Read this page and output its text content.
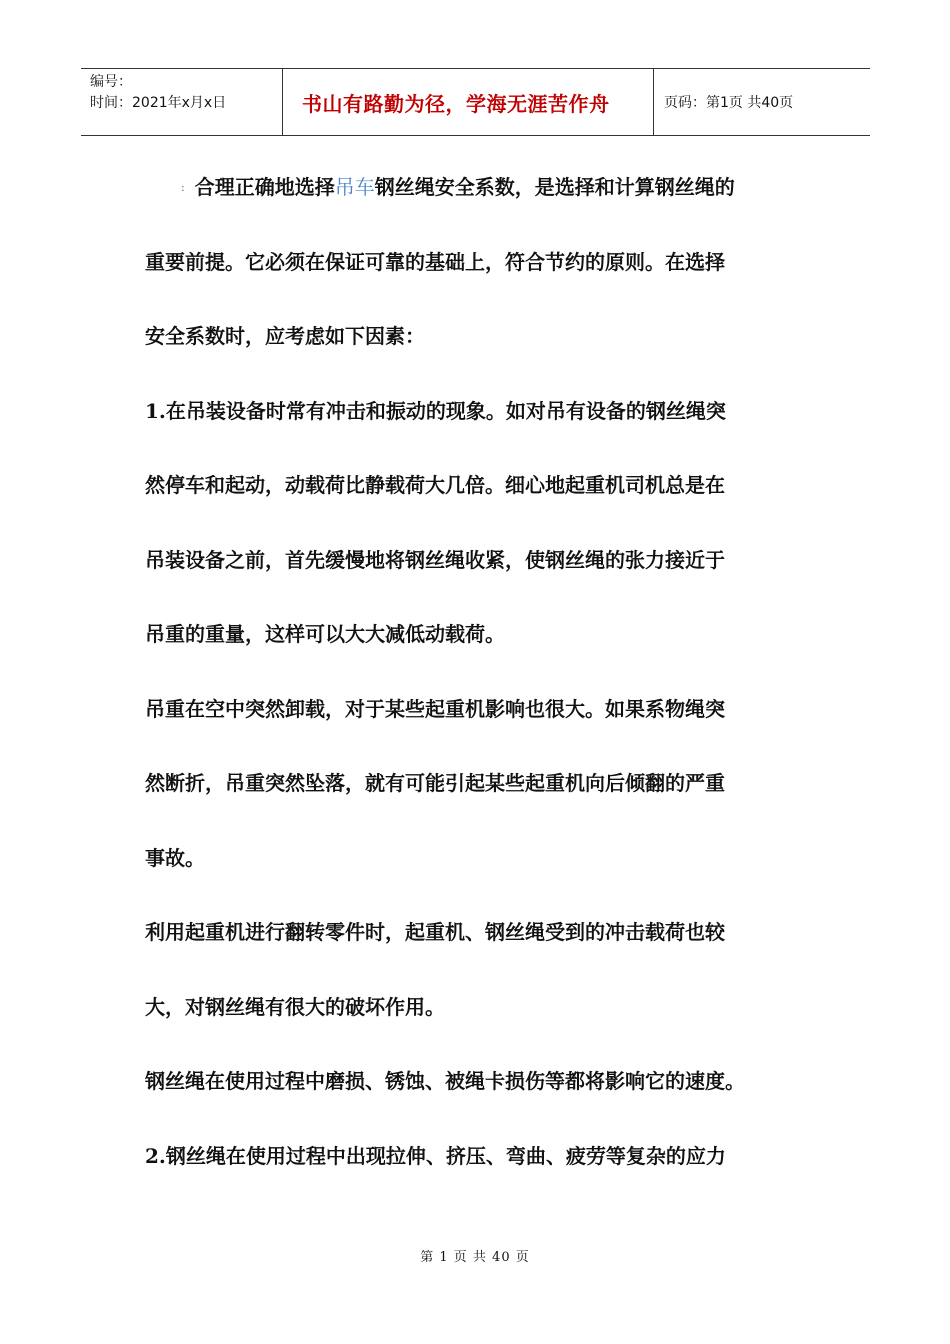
编号：
时间：2021年x月x日	书山有路勤为径，学海无涯苦作舟	页码：第1页 共40页
: 合理正确地选择吊车钢丝绳安全系数，是选择和计算钢丝绳的
重要前提。它必须在保证可靠的基础上，符合节约的原则。在选择
安全系数时，应考虑如下因素：
1.在吊装设备时常有冲击和振动的现象。如对吊有设备的钢丝绳突
然停车和起动，动载荷比静载荷大几倍。细心地起重机司机总是在
吊装设备之前，首先缓慢地将钢丝绳收紧，使钢丝绳的张力接近于
吊重的重量，这样可以大大减低动载荷。
吊重在空中突然卸载，对于某些起重机影响也很大。如果系物绳突
然断折，吊重突然坠落，就有可能引起某些起重机向后倾翻的严重
事故。
利用起重机进行翻转零件时，起重机、钢丝绳受到的冲击载荷也较
大，对钢丝绳有很大的破坏作用。
钢丝绳在使用过程中磨损、锈蚀、被绳卡损伤等都将影响它的速度。
2.钢丝绳在使用过程中出现拉伸、挤压、弯曲、疲劳等复杂的应力
第 1 页 共 40 页
